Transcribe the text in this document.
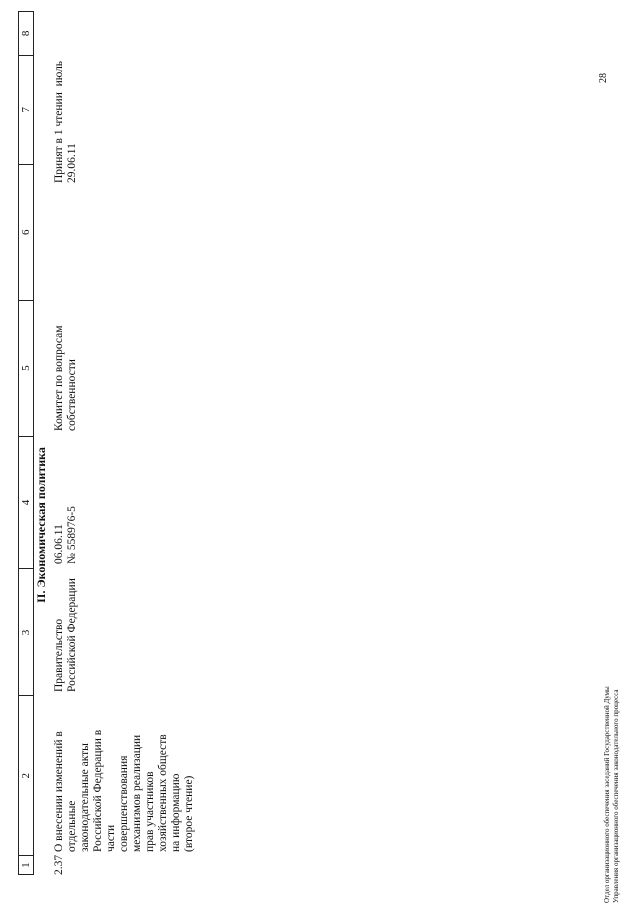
1
2
3
4
5
6
7
8
II. Экономическая политика
2.37
О внесении изменений в
отдельные
законодательные акты
Российской Федерации в
части
совершенствования
механизмов реализации
прав участников
хозяйственных обществ
на информацию
(второе чтение)
Правительство
Российской Федерации
06.06.11
№ 558976-5
Комитет по вопросам
собственности
Принят в 1 чтении  июль
29.06.11
28
Отдел организационного обеспечения заседаний Государственной Думы
Управления организационного обеспечения законодательного процесса
